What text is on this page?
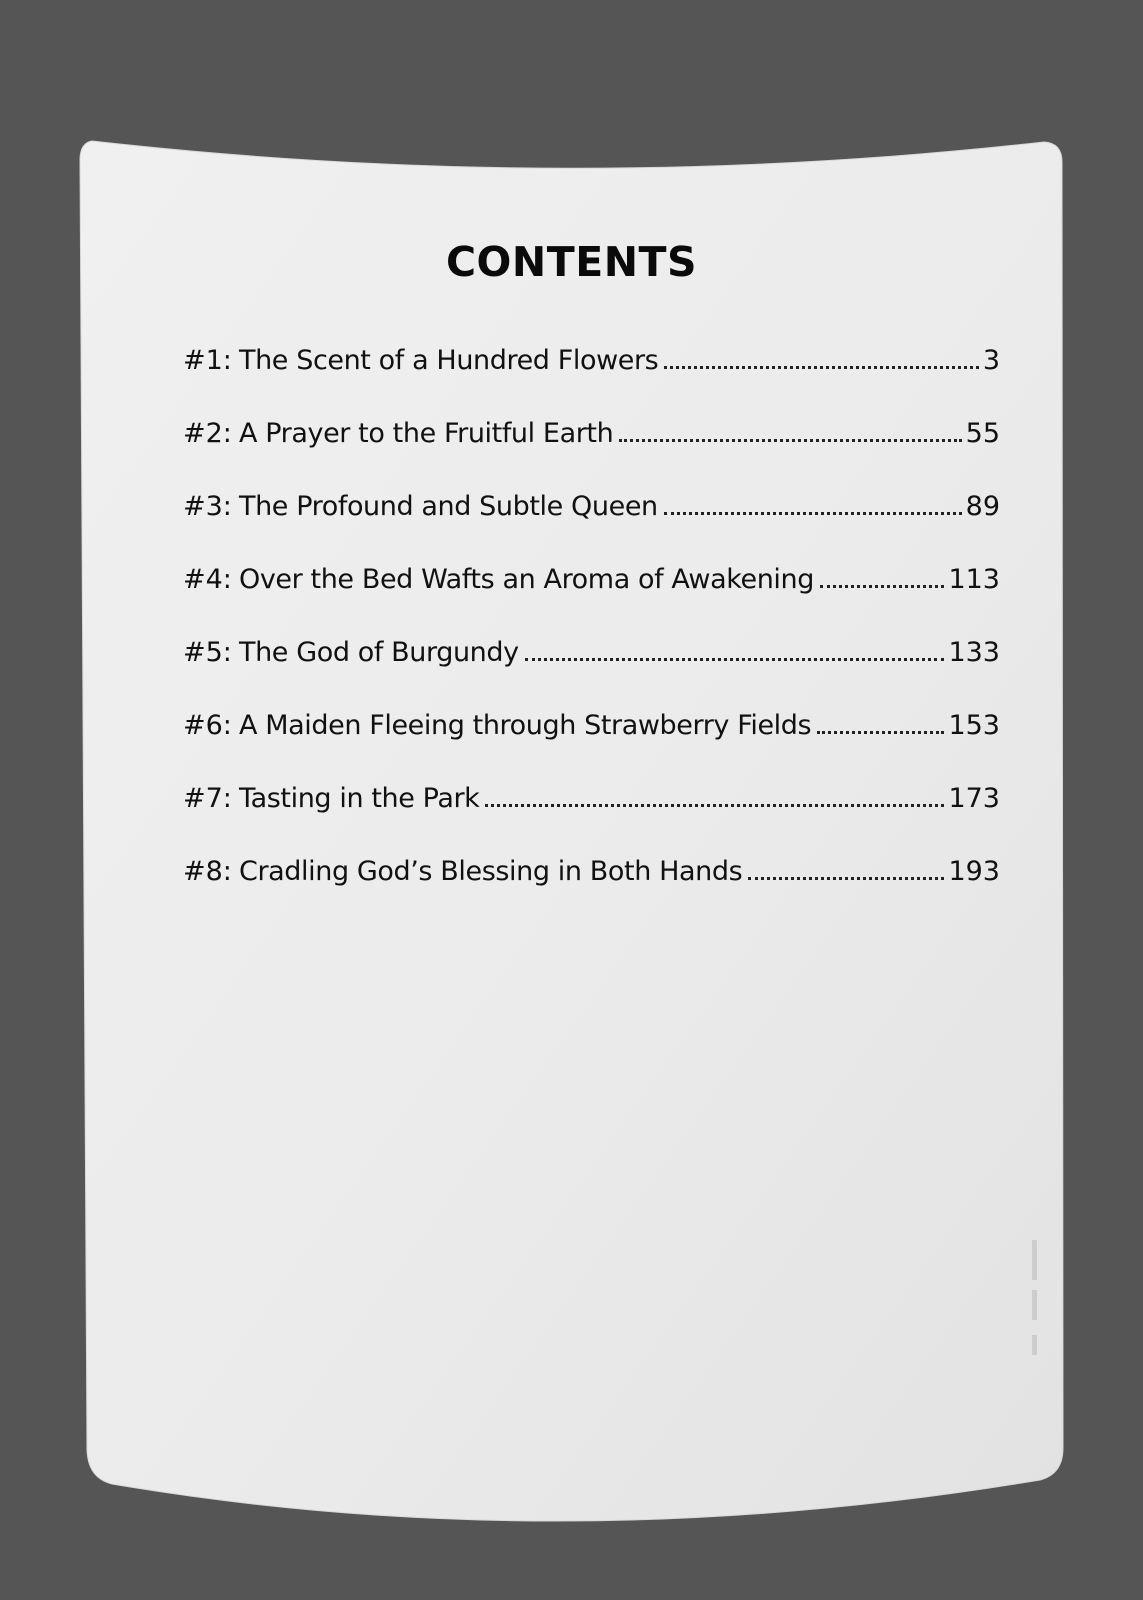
CONTENTS
#1: The Scent of a Hundred Flowers	3
#2: A Prayer to the Fruitful Earth	55
#3: The Profound and Subtle Queen	89
#4: Over the Bed Wafts an Aroma of Awakening	113
#5: The God of Burgundy	133
#6: A Maiden Fleeing through Strawberry Fields	153
#7: Tasting in the Park	173
#8: Cradling God’s Blessing in Both Hands	193
